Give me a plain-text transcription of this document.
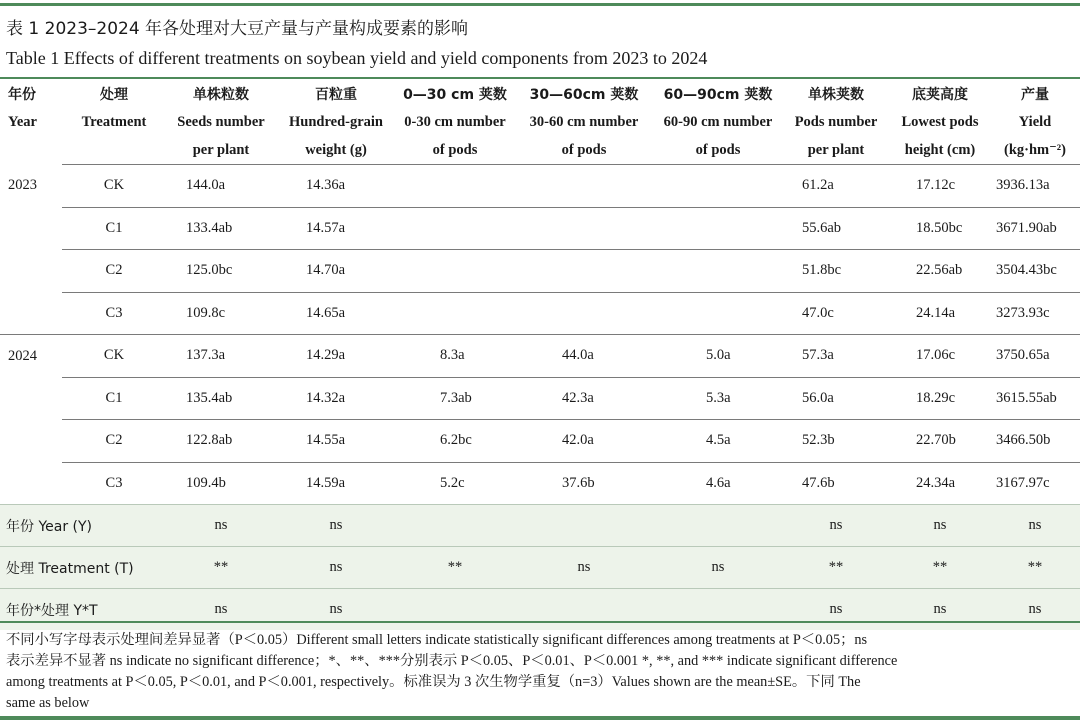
表 1 2023–2024 年各处理对大豆产量与产量构成要素的影响
Table 1 Effects of different treatments on soybean yield and yield components from 2023 to 2024
年份	处理	单株粒数	百粒重	0—30 cm 荚数	30—60cm 荚数	60—90cm 荚数	单株荚数	底荚高度	产量
Year	Treatment	Seeds number	Hundred-grain	0-30 cm number	30-60 cm number	60-90 cm number	Pods number	Lowest pods	Yield
		per plant	weight (g)	of pods	of pods	of pods	per plant	height (cm)	(kg·hm⁻²)
2023	CK	144.0a	14.36a				61.2a	17.12c	3936.13a
	C1	133.4ab	14.57a				55.6ab	18.50bc	3671.90ab
	C2	125.0bc	14.70a				51.8bc	22.56ab	3504.43bc
	C3	109.8c	14.65a				47.0c	24.14a	3273.93c
2024	CK	137.3a	14.29a	8.3a	44.0a	5.0a	57.3a	17.06c	3750.65a
	C1	135.4ab	14.32a	7.3ab	42.3a	5.3a	56.0a	18.29c	3615.55ab
	C2	122.8ab	14.55a	6.2bc	42.0a	4.5a	52.3b	22.70b	3466.50b
	C3	109.4b	14.59a	5.2c	37.6b	4.6a	47.6b	24.34a	3167.97c
年份 Year (Y)		ns	ns				ns	ns	ns
处理 Treatment (T)		**	ns	**	ns	ns	**	**	**
年份*处理 Y*T		ns	ns				ns	ns	ns

不同小写字母表示处理间差异显著（P＜0.05）Different small letters indicate statistically significant differences among treatments at P＜0.05；ns

表示差异不显著 ns indicate no significant difference；*、**、***分别表示 P＜0.05、P＜0.01、P＜0.001 *, **, and *** indicate significant difference

among treatments at P＜0.05, P＜0.01, and P＜0.001, respectively。标准误为 3 次生物学重复（n=3）Values shown are the mean±SE。下同 The

same as below
